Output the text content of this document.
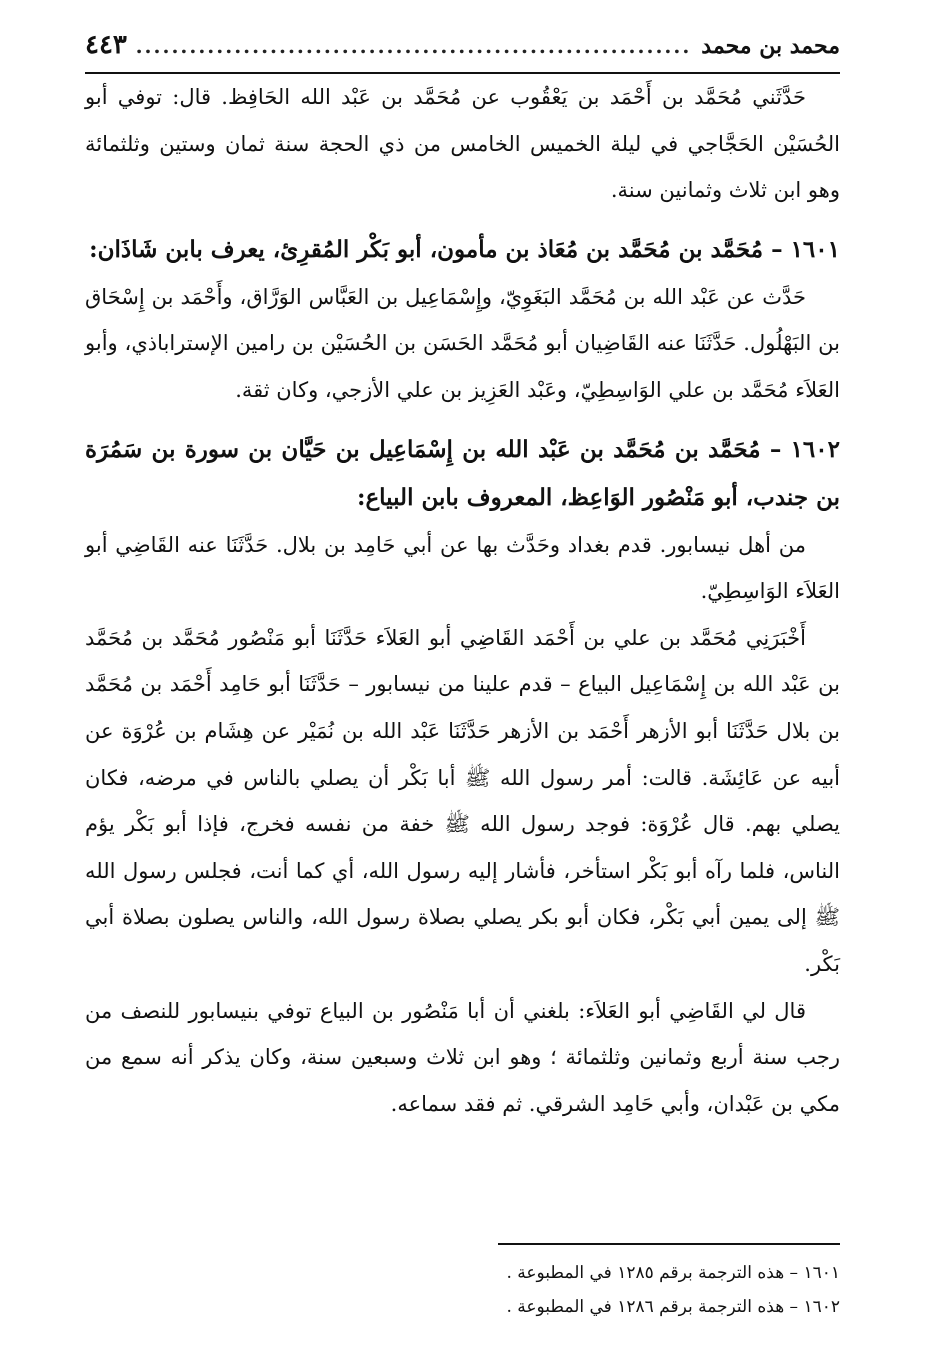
محمد بن محمد
.....
٤٤٣

حَدَّثَني مُحَمَّد بن أَحْمَد بن يَعْقُوب عن مُحَمَّد بن عَبْد الله الحَافِظ. قال: توفي أبو الحُسَيْن الحَجَّاجي في ليلة الخميس الخامس من ذي الحجة سنة ثمان وستين وثلثمائة وهو ابن ثلاث وثمانين سنة.

١٦٠١ – مُحَمَّد بن مُحَمَّد بن مُعَاذ بن مأمون، أبو بَكْر المُقرِئ، يعرف بابن شَاذَان:

حَدَّث عن عَبْد الله بن مُحَمَّد البَغَوِيّ، وإِسْمَاعِيل بن العَبَّاس الوَرَّاق، وأَحْمَد بن إِسْحَاق بن البَهْلُول. حَدَّثَنَا عنه القَاضِيان أبو مُحَمَّد الحَسَن بن الحُسَيْن بن رامين الإستراباذي، وأبو العَلاَء مُحَمَّد بن علي الوَاسِطِيّ، وعَبْد العَزِيز بن علي الأزجي، وكان ثقة.

١٦٠٢ – مُحَمَّد بن مُحَمَّد بن عَبْد الله بن إِسْمَاعِيل بن حَيَّان بن سورة بن سَمُرَة بن جندب، أبو مَنْصُور الوَاعِظ، المعروف بابن البياع:

من أهل نيسابور. قدم بغداد وحَدَّث بها عن أبي حَامِد بن بلال. حَدَّثَنَا عنه القَاضِي أبو العَلاَء الوَاسِطِيّ.

أَخْبَرَنِي مُحَمَّد بن علي بن أَحْمَد القَاضِي أبو العَلاَء حَدَّثَنَا أبو مَنْصُور مُحَمَّد بن مُحَمَّد بن عَبْد الله بن إِسْمَاعِيل البياع – قدم علينا من نيسابور – حَدَّثَنَا أبو حَامِد أَحْمَد بن مُحَمَّد بن بلال حَدَّثَنَا أبو الأزهر أَحْمَد بن الأزهر حَدَّثَنَا عَبْد الله بن نُمَيْر عن هِشَام بن عُرْوَة عن أبيه عن عَائِشَة. قالت: أمر رسول الله ﷺ أبا بَكْر أن يصلي بالناس في مرضه، فكان يصلي بهم. قال عُرْوَة: فوجد رسول الله ﷺ خفة من نفسه فخرج، فإذا أبو بَكْر يؤم الناس، فلما رآه أبو بَكْر استأخر، فأشار إليه رسول الله، أي كما أنت، فجلس رسول الله ﷺ إلى يمين أبي بَكْر، فكان أبو بكر يصلي بصلاة رسول الله، والناس يصلون بصلاة أبي بَكْر.

قال لي القَاضِي أبو العَلاَء: بلغني أن أبا مَنْصُور بن البياع توفي بنيسابور للنصف من رجب سنة أربع وثمانين وثلثمائة ؛ وهو ابن ثلاث وسبعين سنة، وكان يذكر أنه سمع من مكي بن عَبْدان، وأبي حَامِد الشرقي. ثم فقد سماعه.

١٦٠١ – هذه الترجمة برقم ١٢٨٥ في المطبوعة .

١٦٠٢ – هذه الترجمة برقم ١٢٨٦ في المطبوعة .
